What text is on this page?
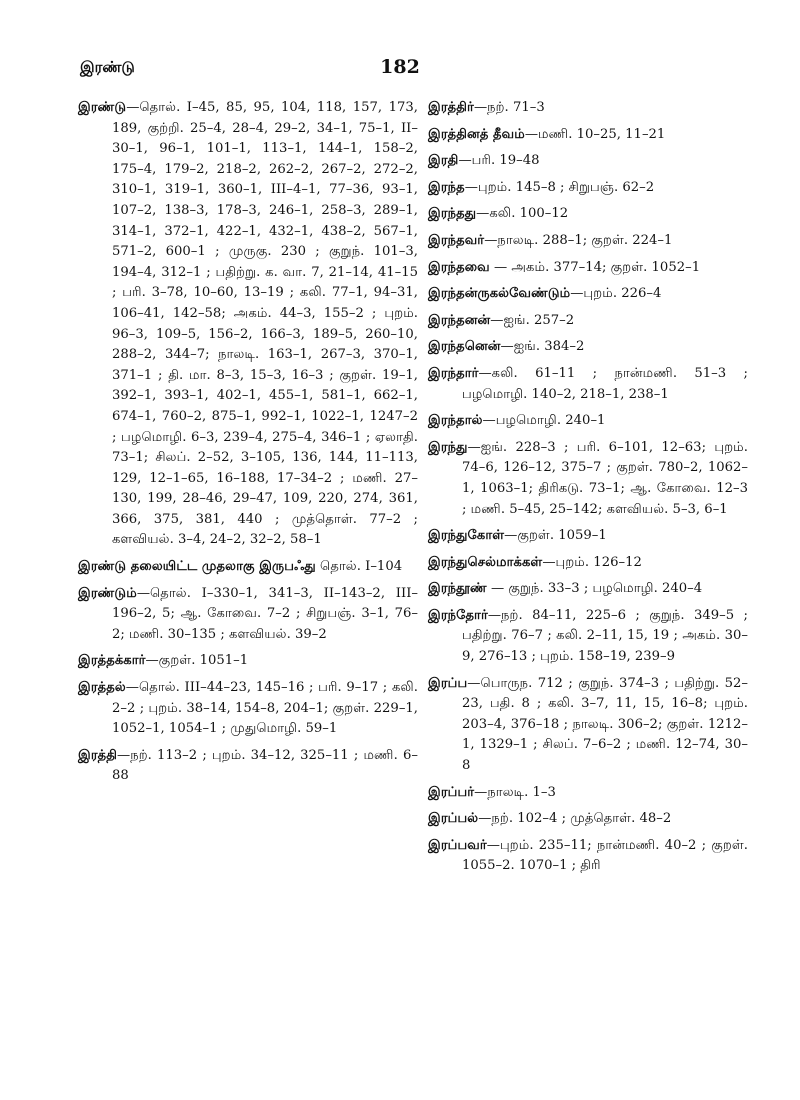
இரண்டு	182
இரண்டு—தொல். I–45, 85, 95, 104, 118, 157, 173, 189, குற்றி. 25–4, 28–4, 29–2, 34–1, 75–1, II–30–1, 96–1, 101–1, 113–1, 144–1, 158–2, 175–4, 179–2, 218–2, 262–2, 267–2, 272–2, 310–1, 319–1, 360–1, III–4–1, 77–36, 93–1, 107–2, 138–3, 178–3, 246–1, 258–3, 289–1, 314–1, 372–1, 422–1, 432–1, 438–2, 567–1, 571–2, 600–1 ; முருகு. 230 ; குறுந். 101–3, 194–4, 312–1 ; பதிற்று. க. வா. 7, 21–14, 41–15 ; பரி. 3–78, 10–60, 13–19 ; கலி. 77–1, 94–31, 106–41, 142–58; அகம். 44–3, 155–2 ; புறம். 96–3, 109–5, 156–2, 166–3, 189–5, 260–10, 288–2, 344–7; நாலடி. 163–1, 267–3, 370–1, 371–1 ; தி. மா. 8–3, 15–3, 16–3 ; குறள். 19–1, 392–1, 393–1, 402–1, 455–1, 581–1, 662–1, 674–1, 760–2, 875–1, 992–1, 1022–1, 1247–2 ; பழமொழி. 6–3, 239–4, 275–4, 346–1 ; ஏலாதி. 73–1; சிலப். 2–52, 3–105, 136, 144, 11–113, 129, 12–1–65, 16–188, 17–34–2 ; மணி. 27–130, 199, 28–46, 29–47, 109, 220, 274, 361, 366, 375, 381, 440 ; முத்தொள். 77–2 ; களவியல். 3–4, 24–2, 32–2, 58–1
இரண்டு தலையிட்ட முதலாகு இருபஃது தொல். I–104
இரண்டும்—தொல். I–330–1, 341–3, II–143–2, III–196–2, 5; ஆ. கோவை. 7–2 ; சிறுபஞ். 3–1, 76–2; மணி. 30–135 ; களவியல். 39–2
இரத்தக்கார்—குறள். 1051–1
இரத்தல்—தொல். III–44–23, 145–16 ; பரி. 9–17 ; கலி. 2–2 ; புறம். 38–14, 154–8, 204–1; குறள். 229–1, 1052–1, 1054–1 ; முதுமொழி. 59–1
இரத்தி—நற். 113–2 ; புறம். 34–12, 325–11 ; மணி. 6–88
இரத்திர்—நற். 71–3
இரத்தினத் தீவம்—மணி. 10–25, 11–21
இரதி—பரி. 19–48
இரந்த—புறம். 145–8 ; சிறுபஞ். 62–2
இரந்தது—கலி. 100–12
இரந்தவர்—நாலடி. 288–1; குறள். 224–1
இரந்தவை — அகம். 377–14; குறள். 1052–1
இரந்தன்ருகல்வேண்டும்—புறம். 226–4
இரந்தனன்—ஐங். 257–2
இரந்தனென்—ஐங். 384–2
இரந்தார்—கலி. 61–11 ; நான்மணி. 51–3 ; பழமொழி. 140–2, 218–1, 238–1
இரந்தால்—பழமொழி. 240–1
இரந்து—ஐங். 228–3 ; பரி. 6–101, 12–63; புறம். 74–6, 126–12, 375–7 ; குறள். 780–2, 1062–1, 1063–1; திரிகடு. 73–1; ஆ. கோவை. 12–3 ; மணி. 5–45, 25–142; களவியல். 5–3, 6–1
இரந்துகோள்—குறள். 1059–1
இரந்துசெல்மாக்கள்—புறம். 126–12
இரந்தூண் — குறுந். 33–3 ; பழமொழி. 240–4
இரந்தோர்—நற். 84–11, 225–6 ; குறுந். 349–5 ; பதிற்று. 76–7 ; கலி. 2–11, 15, 19 ; அகம். 30–9, 276–13 ; புறம். 158–19, 239–9
இரப்ப—பொருந. 712 ; குறுந். 374–3 ; பதிற்று. 52–23, பதி. 8 ; கலி. 3–7, 11, 15, 16–8; புறம். 203–4, 376–18 ; நாலடி. 306–2; குறள். 1212–1, 1329–1 ; சிலப். 7–6–2 ; மணி. 12–74, 30–8
இரப்பர்—நாலடி. 1–3
இரப்பல்—நற். 102–4 ; முத்தொள். 48–2
இரப்பவர்—புறம். 235–11; நான்மணி. 40–2 ; குறள். 1055–2. 1070–1 ; திரி
